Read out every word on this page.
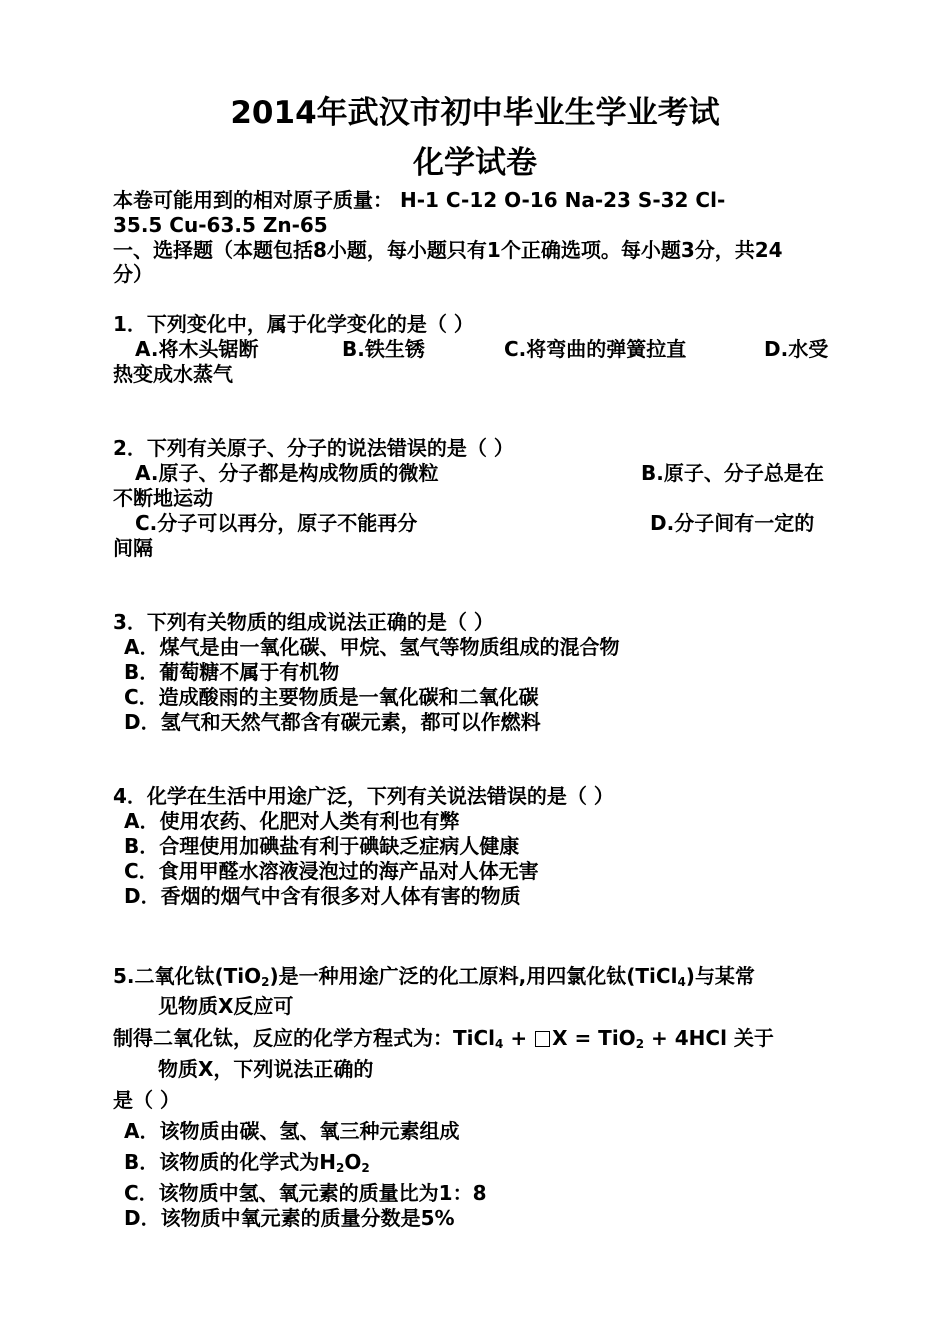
2014年武汉市初中毕业生学业考试
化学试卷
本卷可能用到的相对原子质量： H-1 C-12 O-16 Na-23 S-32 Cl-
35.5 Cu-63.5 Zn-65
一、选择题（本题包括8小题，每小题只有1个正确选项。每小题3分，共24
分）
1．下列变化中，属于化学变化的是（ ）
A.将木头锯断	B.铁生锈	C.将弯曲的弹簧拉直	D.水受
热变成水蒸气
2．下列有关原子、分子的说法错误的是（ ）
A.原子、分子都是构成物质的微粒	B.原子、分子总是在
不断地运动
C.分子可以再分，原子不能再分	D.分子间有一定的
间隔
3．下列有关物质的组成说法正确的是（ ）
A．煤气是由一氧化碳、甲烷、氢气等物质组成的混合物
B．葡萄糖不属于有机物
C．造成酸雨的主要物质是一氧化碳和二氧化碳
D．氢气和天然气都含有碳元素，都可以作燃料
4．化学在生活中用途广泛，下列有关说法错误的是（ ）
A．使用农药、化肥对人类有利也有弊
B．合理使用加碘盐有利于碘缺乏症病人健康
C．食用甲醛水溶液浸泡过的海产品对人体无害
D．香烟的烟气中含有很多对人体有害的物质
5.二氧化钛(TiO$_2$)是一种用途广泛的化工原料,用四氯化钛(TiCl$_4$)与某常
见物质X反应可
制得二氧化钛，反应的化学方程式为：TiCl$_4$ + X = TiO$_2$ + 4HCl 关于
物质X，下列说法正确的
是（ ）
A．该物质由碳、氢、氧三种元素组成
B．该物质的化学式为$H_2O_2$
C．该物质中氢、氧元素的质量比为1：8
D．该物质中氧元素的质量分数是5%
